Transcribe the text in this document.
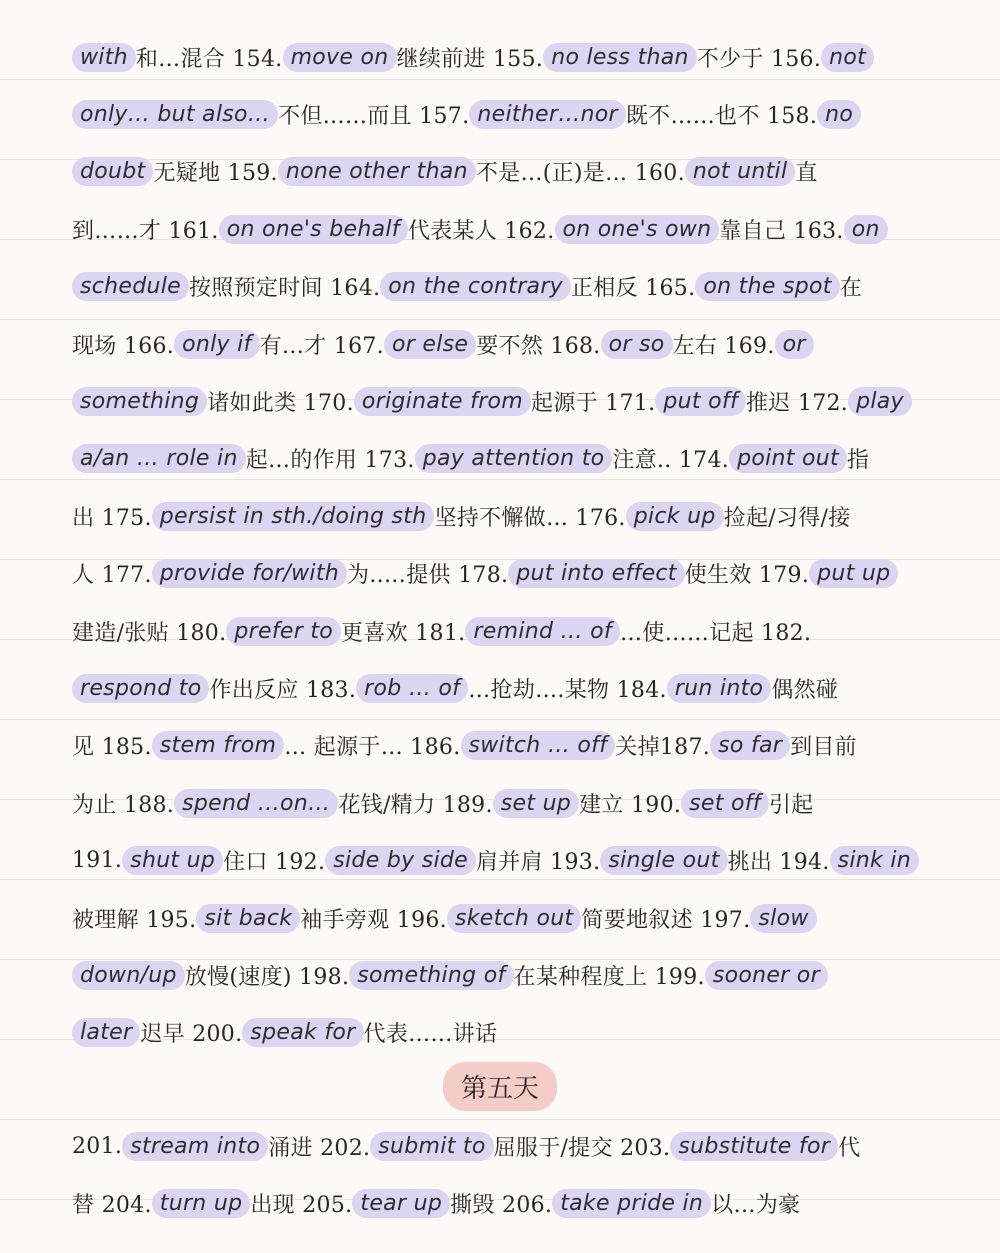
with 和…混合 154. move on 继续前进 155. no less than 不少于 156. not
only… but also… 不但……而且 157. neither…nor 既不……也不 158. no
doubt 无疑地 159. none other than 不是…(正)是… 160. not until 直
到……才 161. on one's behalf 代表某人 162. on one's own 靠自己 163. on
schedule 按照预定时间 164. on the contrary 正相反 165. on the spot 在
现场 166. only if 有…才 167. or else 要不然 168. or so 左右 169. or
something 诸如此类 170. originate from 起源于 171. put off 推迟 172. play
a/an … role in 起…的作用 173. pay attention to 注意.. 174. point out 指
出 175. persist in sth./doing sth 坚持不懈做… 176. pick up 捡起/习得/接
人 177. provide for/with 为..…提供 178. put into effect 使生效 179. put up
建造/张贴 180. prefer to 更喜欢 181. remind … of …使……记起 182.
respond to 作出反应 183. rob … of …抢劫….某物 184. run into 偶然碰
见 185. stem from … 起源于… 186. switch … off 关掉187. so far 到目前
为止 188. spend …on… 花钱/精力 189. set up 建立 190. set off 引起
191. shut up 住口 192. side by side 肩并肩 193. single out 挑出 194. sink in
被理解 195. sit back 袖手旁观 196. sketch out 简要地叙述 197. slow
down/up 放慢(速度) 198. something of 在某种程度上 199. sooner or
later 迟早 200. speak for 代表……讲话
第五天
201. stream into 涌进 202. submit to 屈服于/提交 203. substitute for 代
替 204. turn up 出现 205. tear up 撕毁 206. take pride in 以…为豪
